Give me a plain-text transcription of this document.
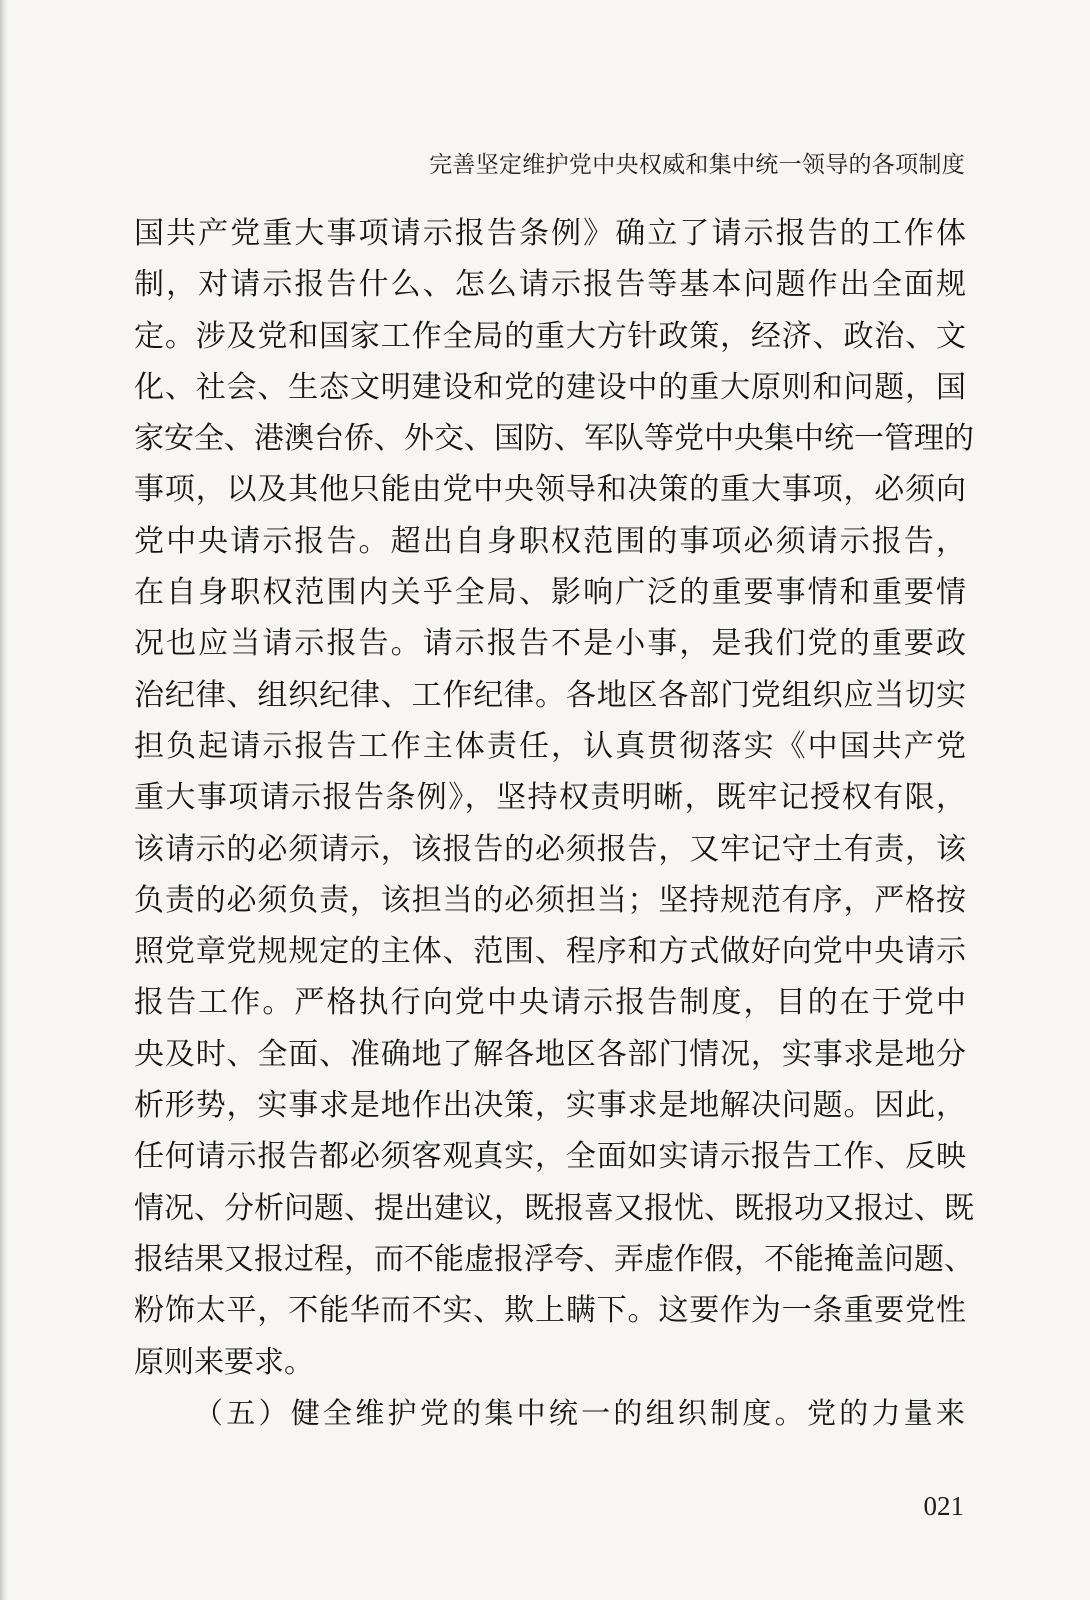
完善坚定维护党中央权威和集中统一领导的各项制度
国共产党重大事项请示报告条例》确立了请示报告的工作体
制，对请示报告什么、怎么请示报告等基本问题作出全面规
定。涉及党和国家工作全局的重大方针政策，经济、政治、文
化、社会、生态文明建设和党的建设中的重大原则和问题，国
家安全、港澳台侨、外交、国防、军队等党中央集中统一管理的
事项，以及其他只能由党中央领导和决策的重大事项，必须向
党中央请示报告。超出自身职权范围的事项必须请示报告，
在自身职权范围内关乎全局、影响广泛的重要事情和重要情
况也应当请示报告。请示报告不是小事，是我们党的重要政
治纪律、组织纪律、工作纪律。各地区各部门党组织应当切实
担负起请示报告工作主体责任，认真贯彻落实《中国共产党
重大事项请示报告条例》，坚持权责明晰，既牢记授权有限，
该请示的必须请示，该报告的必须报告，又牢记守土有责，该
负责的必须负责，该担当的必须担当；坚持规范有序，严格按
照党章党规规定的主体、范围、程序和方式做好向党中央请示
报告工作。严格执行向党中央请示报告制度，目的在于党中
央及时、全面、准确地了解各地区各部门情况，实事求是地分
析形势，实事求是地作出决策，实事求是地解决问题。因此，
任何请示报告都必须客观真实，全面如实请示报告工作、反映
情况、分析问题、提出建议，既报喜又报忧、既报功又报过、既
报结果又报过程，而不能虚报浮夸、弄虚作假，不能掩盖问题、
粉饰太平，不能华而不实、欺上瞒下。这要作为一条重要党性
原则来要求。
（五）健全维护党的集中统一的组织制度。党的力量来
021
